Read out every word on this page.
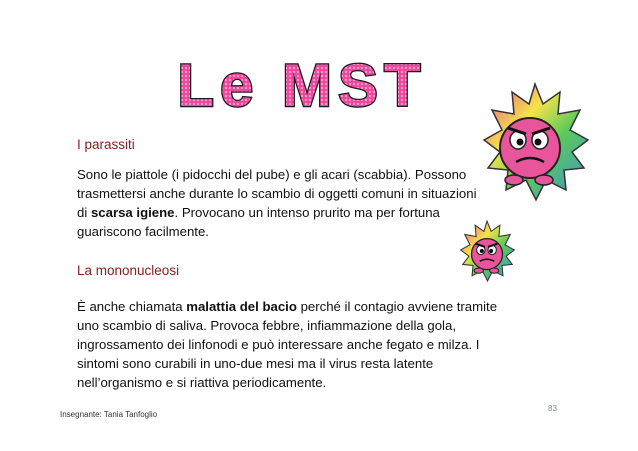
Le MST
I parassiti

Sono le piattole (i pidocchi del pube) e gli acari (scabbia). Possono trasmettersi anche durante lo scambio di oggetti comuni in situazioni di scarsa igiene. Provocano un intenso prurito ma per fortuna guariscono facilmente.

La mononucleosi

È anche chiamata malattia del bacio perché il contagio avviene tramite uno scambio di saliva. Provoca febbre, infiammazione della gola, ingrossamento dei linfonodi e può interessare anche fegato e milza. I sintomi sono curabili in uno-due mesi ma il virus resta latente nell’organismo e si riattiva periodicamente.

Insegnante: Tania Tanfoglio
83
